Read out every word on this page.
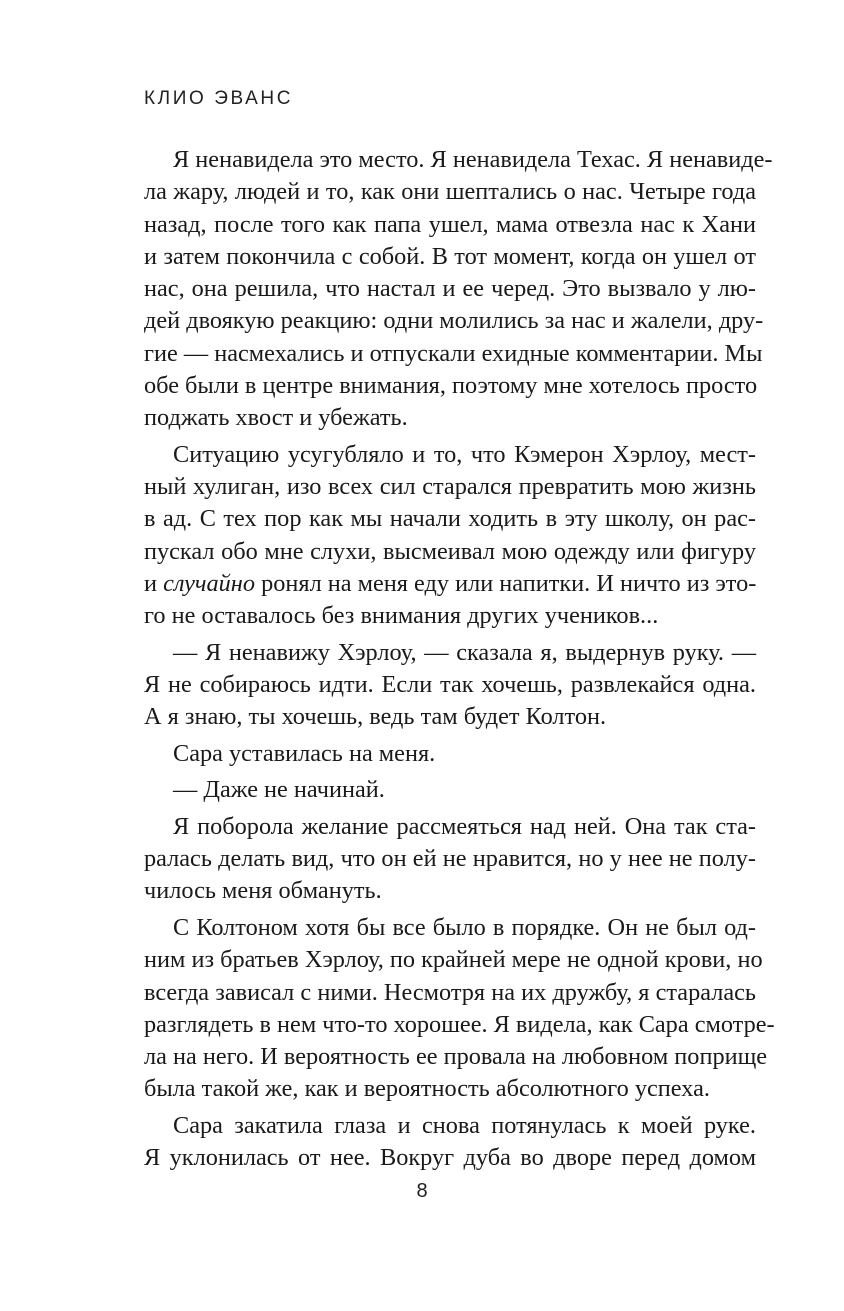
КЛИО ЭВАНС
Я ненавидела это место. Я ненавидела Техас. Я ненавиде-
ла жару, людей и то, как они шептались о нас. Четыре года
назад, после того как папа ушел, мама отвезла нас к Хани
и затем покончила с собой. В тот момент, когда он ушел от
нас, она решила, что настал и ее черед. Это вызвало у лю-
дей двоякую реакцию: одни молились за нас и жалели, дру-
гие — насмехались и отпускали ехидные комментарии. Мы
обе были в центре внимания, поэтому мне хотелось просто
поджать хвост и убежать.
Ситуацию усугубляло и то, что Кэмерон Хэрлоу, мест-
ный хулиган, изо всех сил старался превратить мою жизнь
в ад. С тех пор как мы начали ходить в эту школу, он рас-
пускал обо мне слухи, высмеивал мою одежду или фигуру
и случайно ронял на меня еду или напитки. И ничто из это-
го не оставалось без внимания других учеников...
— Я ненавижу Хэрлоу, — сказала я, выдернув руку. —
Я не собираюсь идти. Если так хочешь, развлекайся одна.
А я знаю, ты хочешь, ведь там будет Колтон.
Сара уставилась на меня.
— Даже не начинай.
Я поборола желание рассмеяться над ней. Она так ста-
ралась делать вид, что он ей не нравится, но у нее не полу-
чилось меня обмануть.
С Колтоном хотя бы все было в порядке. Он не был од-
ним из братьев Хэрлоу, по крайней мере не одной крови, но
всегда зависал с ними. Несмотря на их дружбу, я старалась
разглядеть в нем что-то хорошее. Я видела, как Сара смотре-
ла на него. И вероятность ее провала на любовном поприще
была такой же, как и вероятность абсолютного успеха.
Сара закатила глаза и снова потянулась к моей руке.
Я уклонилась от нее. Вокруг дуба во дворе перед домом
8
